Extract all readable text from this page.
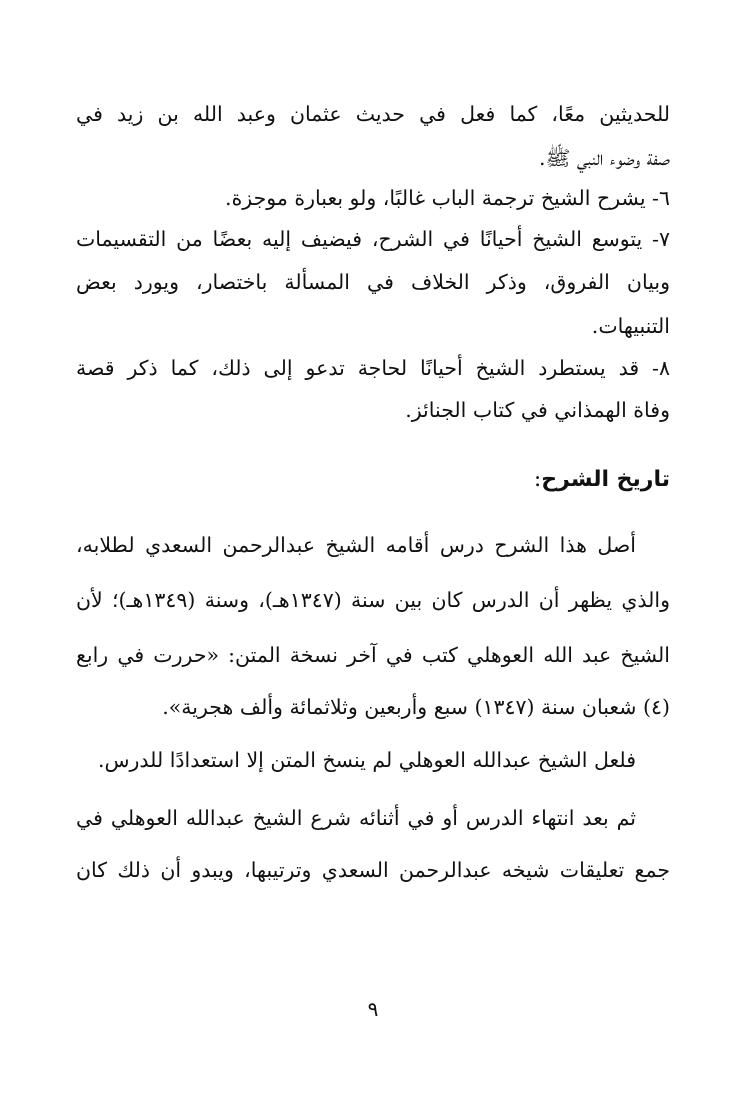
للحديثين معًا، كما فعل في حديث عثمان وعبد الله بن زيد في
صفة وضوء النبي ﷺ.
٦- يشرح الشيخ ترجمة الباب غالبًا، ولو بعبارة موجزة.
٧- يتوسع الشيخ أحيانًا في الشرح، فيضيف إليه بعضًا من التقسيمات
وبيان الفروق، وذكر الخلاف في المسألة باختصار، ويورد بعض
التنبيهات.
٨- قد يستطرد الشيخ أحيانًا لحاجة تدعو إلى ذلك، كما ذكر قصة
وفاة الهمذاني في كتاب الجنائز.
تاريخ الشرح:
أصل هذا الشرح درس أقامه الشيخ عبدالرحمن السعدي لطلابه،
والذي يظهر أن الدرس كان بين سنة (١٣٤٧هـ)، وسنة (١٣٤٩هـ)؛ لأن
الشيخ عبد الله العوهلي كتب في آخر نسخة المتن: «حررت في رابع
(٤) شعبان سنة (١٣٤٧) سبع وأربعين وثلاثمائة وألف هجرية».
فلعل الشيخ عبدالله العوهلي لم ينسخ المتن إلا استعدادًا للدرس.
ثم بعد انتهاء الدرس أو في أثنائه شرع الشيخ عبدالله العوهلي في
جمع تعليقات شيخه عبدالرحمن السعدي وترتيبها، ويبدو أن ذلك كان
٩
